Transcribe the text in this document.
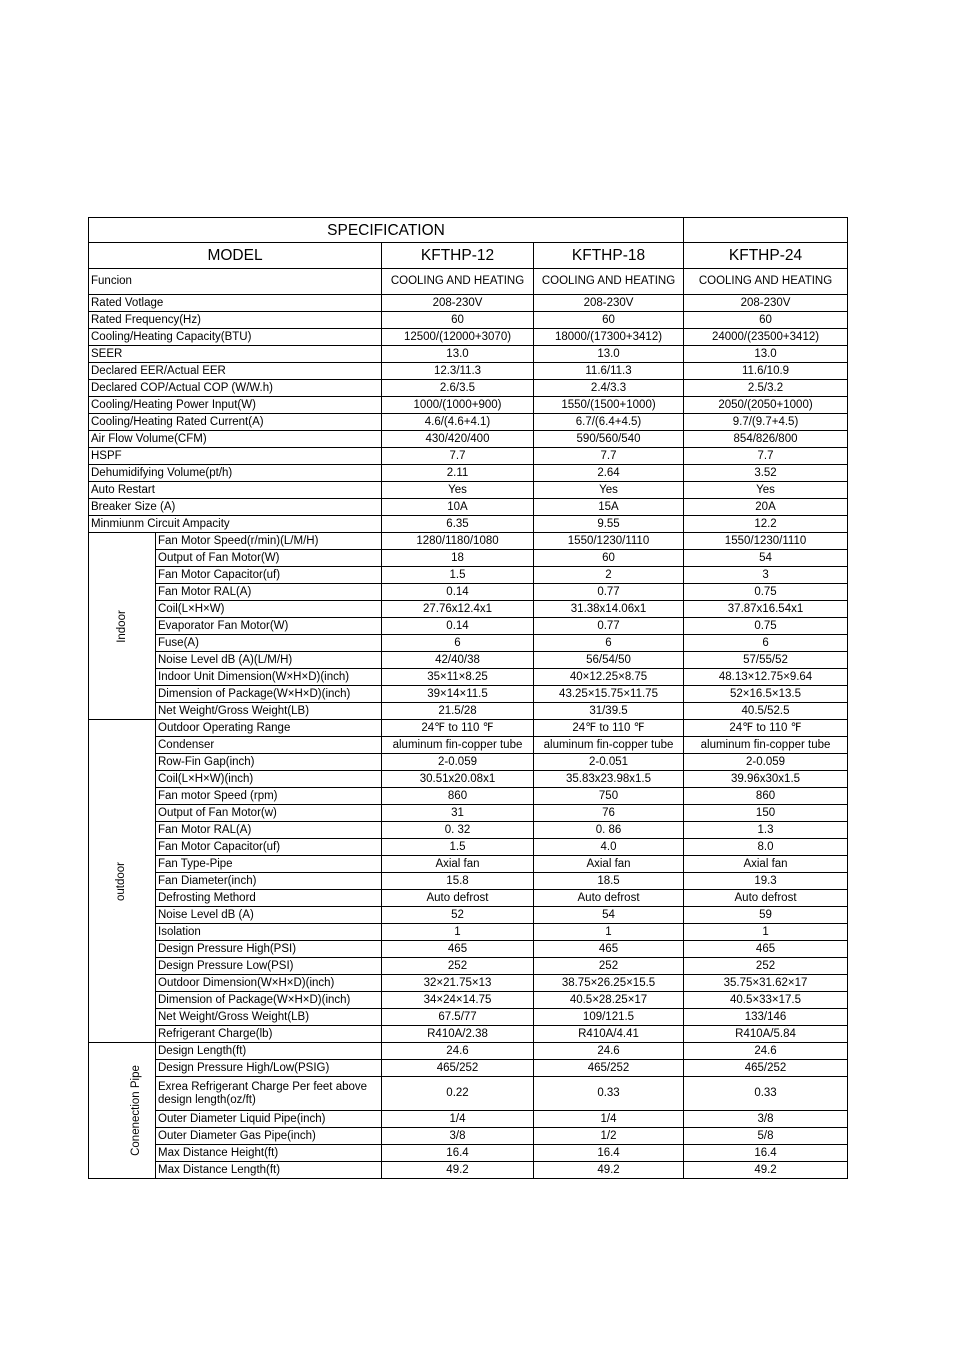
SPECIFICATION				
MODEL		KFTHP-12	KFTHP-18	KFTHP-24
Funcion		COOLING AND HEATING	COOLING AND HEATING	COOLING AND HEATING
Rated Votlage		208-230V	208-230V	208-230V
Rated Frequency(Hz)		60	60	60
Cooling/Heating Capacity(BTU)		12500/(12000+3070)	18000/(17300+3412)	24000/(23500+3412)
SEER		13.0	13.0	13.0
Declared EER/Actual EER		12.3/11.3	11.6/11.3	11.6/10.9
Declared COP/Actual COP (W/W.h)		2.6/3.5	2.4/3.3	2.5/3.2
Cooling/Heating Power Input(W)		1000/(1000+900)	1550/(1500+1000)	2050/(2050+1000)
Cooling/Heating Rated Current(A)		4.6/(4.6+4.1)	6.7/(6.4+4.5)	9.7/(9.7+4.5)
Air Flow Volume(CFM)		430/420/400	590/560/540	854/826/800
HSPF		7.7	7.7	7.7
Dehumidifying Volume(pt/h)		2.11	2.64	3.52
Auto Restart		Yes	Yes	Yes
Breaker Size (A)		10A	15A	20A
Minmiunm Circuit Ampacity		6.35	9.55	12.2
Indoor	Fan Motor Speed(r/min)(L/M/H)	1280/1180/1080	1550/1230/1110	1550/1230/1110
	Output of Fan Motor(W)	18	60	54
	Fan Motor Capacitor(uf)	1.5	2	3
	Fan Motor RAL(A)	0.14	0.77	0.75
	Coil(L×H×W)	27.76x12.4x1	31.38x14.06x1	37.87x16.54x1
	Evaporator Fan Motor(W)	0.14	0.77	0.75
	Fuse(A)	6	6	6
	Noise Level dB (A)(L/M/H)	42/40/38	56/54/50	57/55/52
	Indoor Unit Dimension(W×H×D)(inch)	35×11×8.25	40×12.25×8.75	48.13×12.75×9.64
	Dimension of Package(W×H×D)(inch)	39×14×11.5	43.25×15.75×11.75	52×16.5×13.5
	Net Weight/Gross Weight(LB)	21.5/28	31/39.5	40.5/52.5
outdoor	Outdoor Operating Range	24℉ to 110 ℉	24℉ to 110 ℉	24℉ to 110 ℉
	Condenser	aluminum fin-copper tube	aluminum fin-copper tube	aluminum fin-copper tube
	Row-Fin Gap(inch)	2-0.059	2-0.051	2-0.059
	Coil(L×H×W)(inch)	30.51x20.08x1	35.83x23.98x1.5	39.96x30x1.5
	Fan motor Speed (rpm)	860	750	860
	Output of Fan Motor(w)	31	76	150
	Fan Motor RAL(A)	0. 32	0. 86	1.3
	Fan Motor Capacitor(uf)	1.5	4.0	8.0
	Fan Type-Pipe	Axial fan	Axial fan	Axial fan
	Fan Diameter(inch)	15.8	18.5	19.3
	Defrosting Methord	Auto defrost	Auto defrost	Auto defrost
	Noise Level dB (A)	52	54	59
	Isolation	1	1	1
	Design Pressure High(PSI)	465	465	465
	Design Pressure Low(PSI)	252	252	252
	Outdoor Dimension(W×H×D)(inch)	32×21.75×13	38.75×26.25×15.5	35.75×31.62×17
	Dimension of Package(W×H×D)(inch)	34×24×14.75	40.5×28.25×17	40.5×33×17.5
	Net Weight/Gross Weight(LB)	67.5/77	109/121.5	133/146
	Refrigerant Charge(lb)	R410A/2.38	R410A/4.41	R410A/5.84
Conenection Pipe	Design Length(ft)	24.6	24.6	24.6
	Design Pressure High/Low(PSIG)	465/252	465/252	465/252
	Exrea Refrigerant Charge Per feet above design length(oz/ft)	0.22	0.33	0.33
	Outer Diameter Liquid Pipe(inch)	1/4	1/4	3/8
	Outer Diameter Gas Pipe(inch)	3/8	1/2	5/8
	Max Distance Height(ft)	16.4	16.4	16.4
	Max Distance Length(ft)	49.2	49.2	49.2
